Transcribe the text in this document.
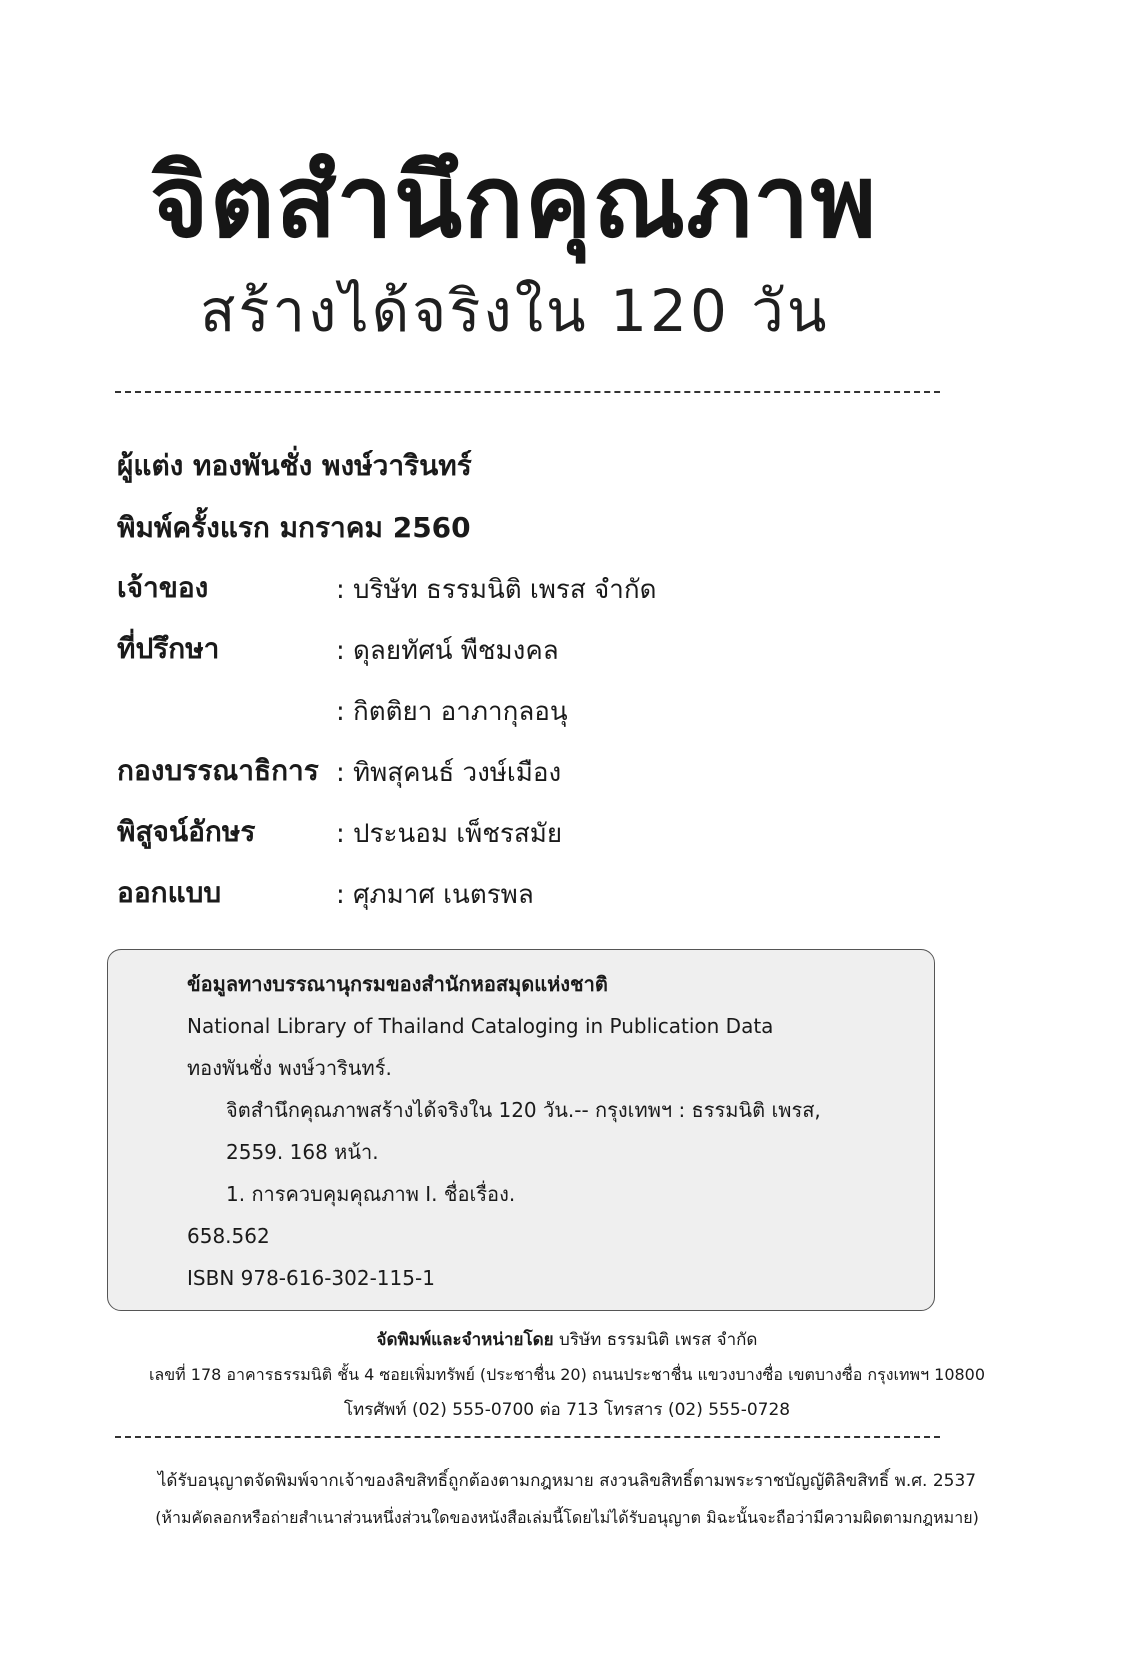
จิตสำนึกคุณภาพ
สร้างได้จริงใน 120 วัน
ผู้แต่ง ทองพันชั่ง พงษ์วารินทร์
พิมพ์ครั้งแรก มกราคม 2560
เจ้าของ	: บริษัท ธรรมนิติ เพรส จำกัด
ที่ปรึกษา	: ดุลยทัศน์ พืชมงคล
: กิตติยา อาภากุลอนุ
กองบรรณาธิการ : ทิพสุคนธ์ วงษ์เมือง
พิสูจน์อักษร	: ประนอม เพ็ชรสมัย
ออกแบบ	: ศุภมาศ เนตรพล
ข้อมูลทางบรรณานุกรมของสำนักหอสมุดแห่งชาติ
National Library of Thailand Cataloging in Publication Data
ทองพันชั่ง พงษ์วารินทร์.
จิตสำนึกคุณภาพสร้างได้จริงใน 120 วัน.-- กรุงเทพฯ : ธรรมนิติ เพรส,
2559. 168 หน้า.
1. การควบคุมคุณภาพ I. ชื่อเรื่อง.
658.562
ISBN 978-616-302-115-1
จัดพิมพ์และจำหน่ายโดย บริษัท ธรรมนิติ เพรส จำกัด
เลขที่ 178 อาคารธรรมนิติ ชั้น 4 ซอยเพิ่มทรัพย์ (ประชาชื่น 20) ถนนประชาชื่น แขวงบางซื่อ เขตบางซื่อ กรุงเทพฯ 10800
โทรศัพท์ (02) 555-0700 ต่อ 713 โทรสาร (02) 555-0728
ได้รับอนุญาตจัดพิมพ์จากเจ้าของลิขสิทธิ์ถูกต้องตามกฎหมาย สงวนลิขสิทธิ์ตามพระราชบัญญัติลิขสิทธิ์ พ.ศ. 2537
(ห้ามคัดลอกหรือถ่ายสำเนาส่วนหนึ่งส่วนใดของหนังสือเล่มนี้โดยไม่ได้รับอนุญาต มิฉะนั้นจะถือว่ามีความผิดตามกฎหมาย)
